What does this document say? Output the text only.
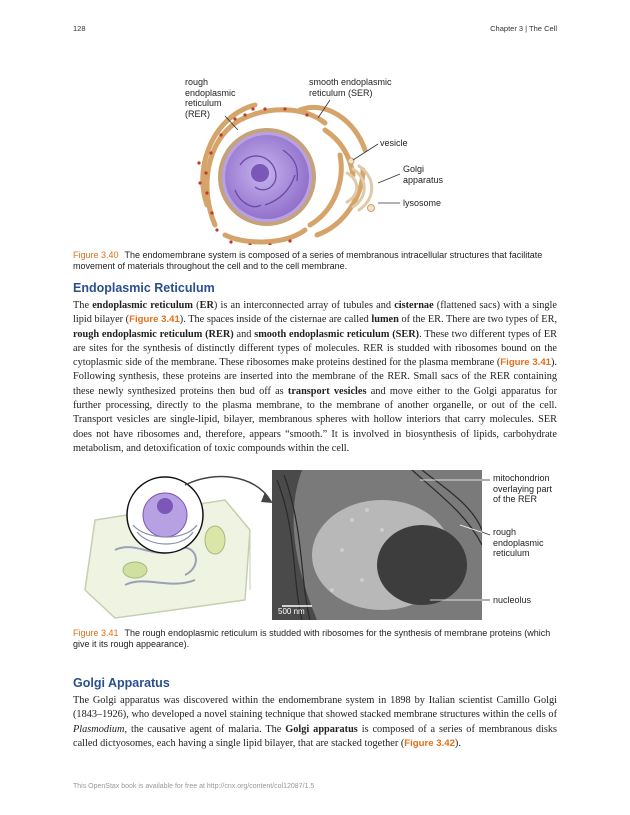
128	Chapter 3 | The Cell
rough
endoplasmic
reticulum
(RER)
smooth endoplasmic
reticulum (SER)
vesicle
Golgi
apparatus
lysosome
Figure 3.40 The endomembrane system is composed of a series of membranous intracellular structures that facilitate movement of materials throughout the cell and to the cell membrane.
Endoplasmic Reticulum
The endoplasmic reticulum (ER) is an interconnected array of tubules and cisternae (flattened sacs) with a single lipid bilayer (Figure 3.41). The spaces inside of the cisternae are called lumen of the ER. There are two types of ER, rough endoplasmic reticulum (RER) and smooth endoplasmic reticulum (SER). These two different types of ER are sites for the synthesis of distinctly different types of molecules. RER is studded with ribosomes bound on the cytoplasmic side of the membrane. These ribosomes make proteins destined for the plasma membrane (Figure 3.41). Following synthesis, these proteins are inserted into the membrane of the RER. Small sacs of the RER containing these newly synthesized proteins then bud off as transport vesicles and move either to the Golgi apparatus for further processing, directly to the plasma membrane, to the membrane of another organelle, or out of the cell. Transport vesicles are single-lipid, bilayer, membranous spheres with hollow interiors that carry molecules. SER does not have ribosomes and, therefore, appears “smooth.” It is involved in biosynthesis of lipids, carbohydrate metabolism, and detoxification of toxic compounds within the cell.
500 nm
mitochondrion
overlaying part
of the RER
rough
endoplasmic
reticulum
nucleolus
Figure 3.41 The rough endoplasmic reticulum is studded with ribosomes for the synthesis of membrane proteins (which give it its rough appearance).
Golgi Apparatus
The Golgi apparatus was discovered within the endomembrane system in 1898 by Italian scientist Camillo Golgi (1843–1926), who developed a novel staining technique that showed stacked membrane structures within the cells of Plasmodium, the causative agent of malaria. The Golgi apparatus is composed of a series of membranous disks called dictyosomes, each having a single lipid bilayer, that are stacked together (Figure 3.42).
This OpenStax book is available for free at http://cnx.org/content/col12087/1.5
